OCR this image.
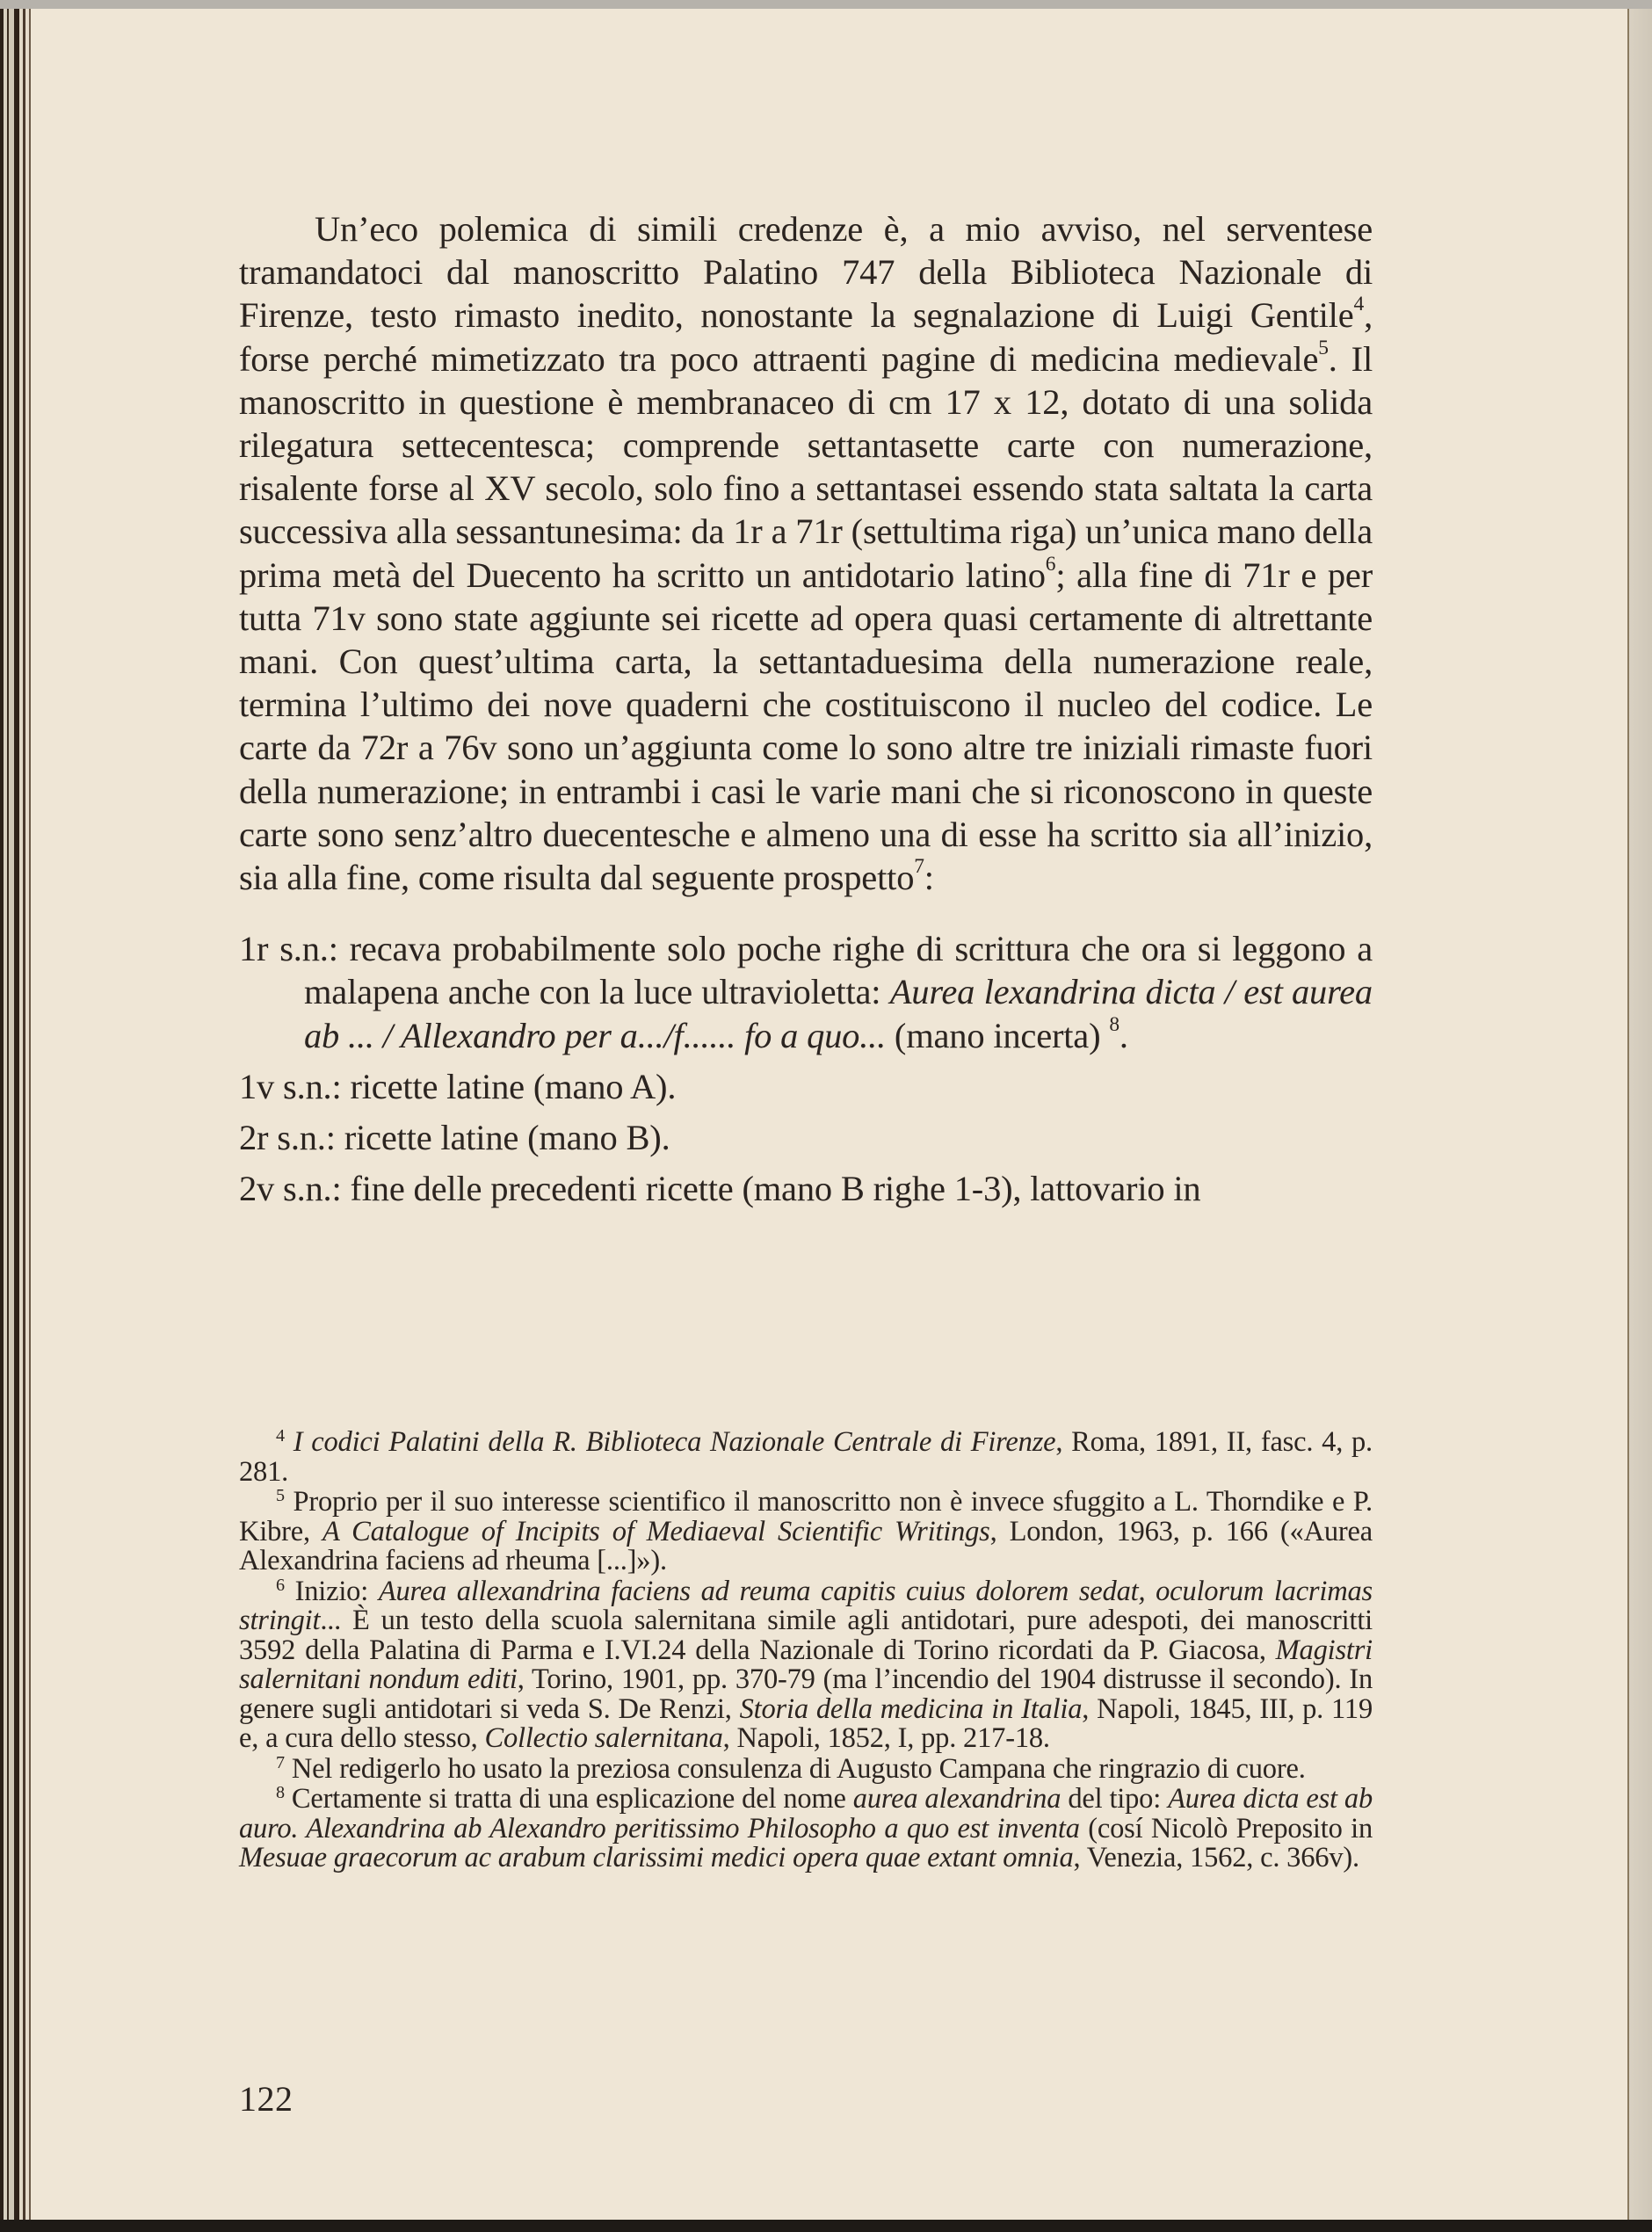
Un’eco polemica di simili credenze è, a mio avviso, nel serventese tramandatoci dal manoscritto Palatino 747 della Biblioteca Nazionale di Firenze, testo rimasto inedito, nonostante la segnalazione di Luigi Gentile$^4$, forse perché mimetizzato tra poco attraenti pagine di medicina medievale$^5$. Il manoscritto in questione è membranaceo di cm 17 x 12, dotato di una solida rilegatura settecentesca; comprende settantasette carte con numerazione, risalente forse al XV secolo, solo fino a settantasei essendo stata saltata la carta successiva alla sessantunesima: da 1r a 71r (settultima riga) un’unica mano della prima metà del Duecento ha scritto un antidotario latino$^6$; alla fine di 71r e per tutta 71v sono state aggiunte sei ricette ad opera quasi certamente di altrettante mani. Con quest’ultima carta, la settantaduesima della numerazione reale, termina l’ultimo dei nove quaderni che costituiscono il nucleo del codice. Le carte da 72r a 76v sono un’aggiunta come lo sono altre tre iniziali rimaste fuori della numerazione; in entrambi i casi le varie mani che si riconoscono in queste carte sono senz’altro duecentesche e almeno una di esse ha scritto sia all’inizio, sia alla fine, come risulta dal seguente prospetto$^7$:

1r s.n.: recava probabilmente solo poche righe di scrittura che ora si leggono a malapena anche con la luce ultravioletta: Aurea lexandrina dicta / est aurea ab ... / Allexandro per a.../f...... fo a quo... (mano incerta) $^8$.

1v s.n.: ricette latine (mano A).

2r s.n.: ricette latine (mano B).

2v s.n.: fine delle precedenti ricette (mano B righe 1-3), lattovario in

$^4$ I codici Palatini della R. Biblioteca Nazionale Centrale di Firenze, Roma, 1891, II, fasc. 4, p. 281.

$^5$ Proprio per il suo interesse scientifico il manoscritto non è invece sfuggito a L. Thorndike e P. Kibre, A Catalogue of Incipits of Mediaeval Scientific Writings, London, 1963, p. 166 («Aurea Alexandrina faciens ad rheuma [...]»).

$^6$ Inizio: Aurea allexandrina faciens ad reuma capitis cuius dolorem sedat, oculorum lacrimas stringit... È un testo della scuola salernitana simile agli antidotari, pure adespoti, dei manoscritti 3592 della Palatina di Parma e I.VI.24 della Nazionale di Torino ricordati da P. Giacosa, Magistri salernitani nondum editi, Torino, 1901, pp. 370-79 (ma l’incendio del 1904 distrusse il secondo). In genere sugli antidotari si veda S. De Renzi, Storia della medicina in Italia, Napoli, 1845, III, p. 119 e, a cura dello stesso, Collectio salernitana, Napoli, 1852, I, pp. 217-18.

$^7$ Nel redigerlo ho usato la preziosa consulenza di Augusto Campana che ringrazio di cuore.

$^8$ Certamente si tratta di una esplicazione del nome aurea alexandrina del tipo: Aurea dicta est ab auro. Alexandrina ab Alexandro peritissimo Philosopho a quo est inventa (cosí Nicolò Preposito in Mesuae graecorum ac arabum clarissimi medici opera quae extant omnia, Venezia, 1562, c. 366v).

122
